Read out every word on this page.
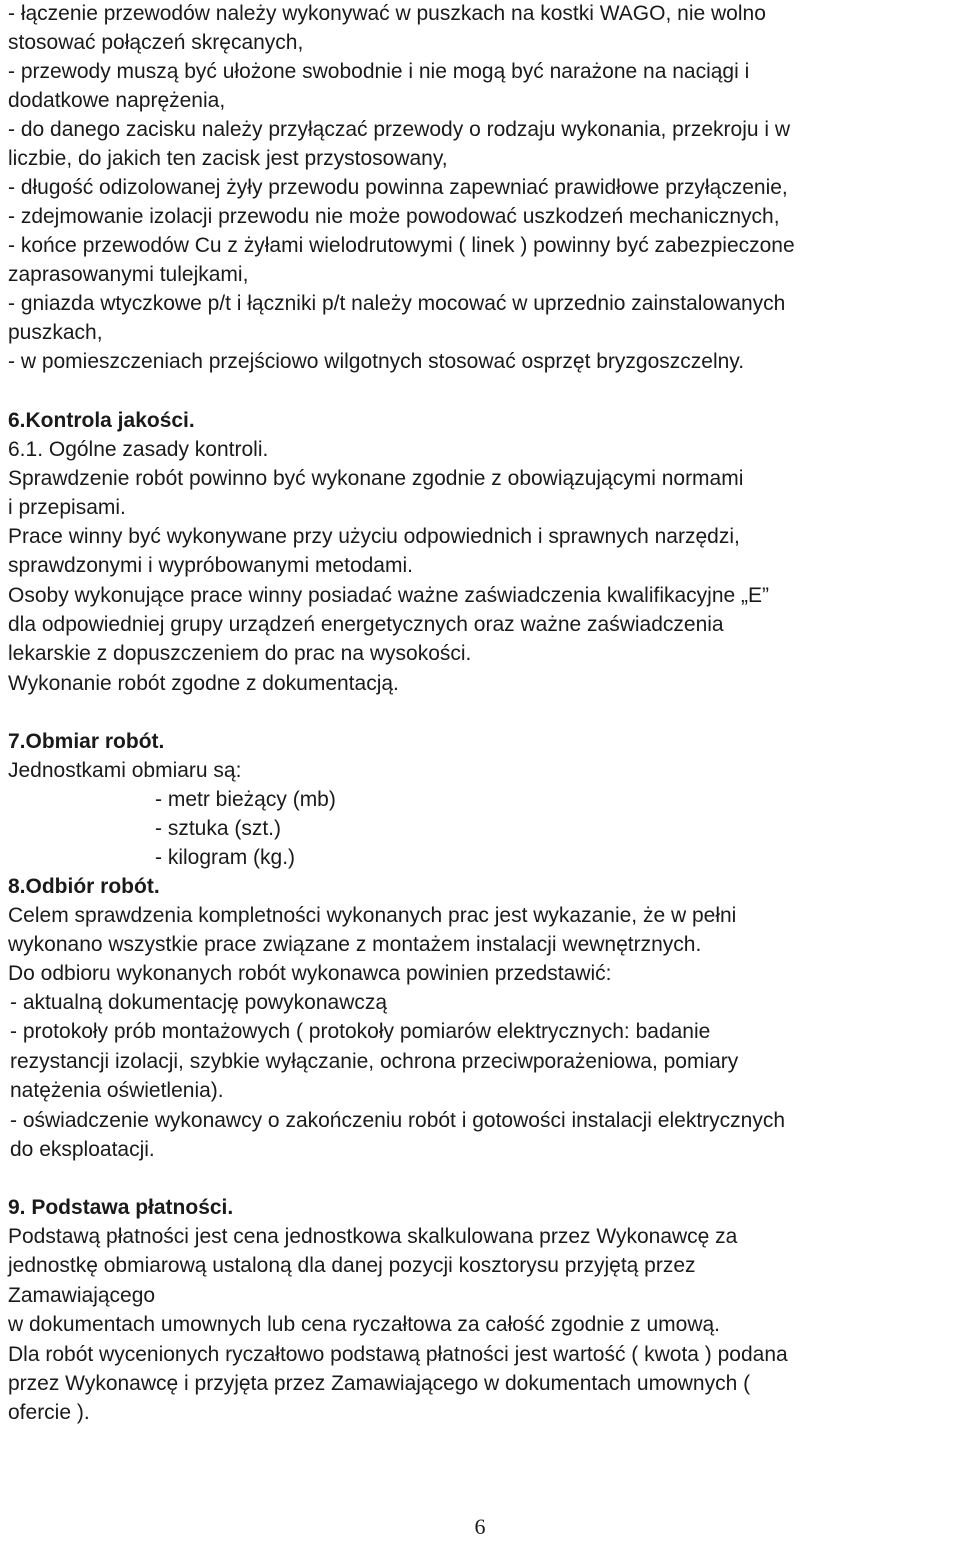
- łączenie przewodów należy wykonywać w puszkach na kostki WAGO, nie wolno
stosować połączeń skręcanych,
- przewody muszą być ułożone swobodnie i nie mogą być narażone na naciągi i
dodatkowe naprężenia,
- do danego zacisku należy przyłączać przewody o rodzaju wykonania, przekroju i w
liczbie, do jakich ten zacisk jest przystosowany,
- długość odizolowanej żyły przewodu powinna zapewniać prawidłowe przyłączenie,
- zdejmowanie izolacji przewodu nie może powodować uszkodzeń mechanicznych,
- końce przewodów Cu z żyłami wielodrutowymi ( linek ) powinny być zabezpieczone
zaprasowanymi tulejkami,
- gniazda wtyczkowe p/t i łączniki p/t należy mocować w uprzednio zainstalowanych
puszkach,
- w pomieszczeniach przejściowo wilgotnych stosować osprzęt bryzgoszczelny.
6.Kontrola jakości.
6.1. Ogólne zasady kontroli.
Sprawdzenie robót powinno być wykonane zgodnie z obowiązującymi normami
i przepisami.
Prace winny być wykonywane przy użyciu odpowiednich i sprawnych narzędzi,
sprawdzonymi i wypróbowanymi metodami.
Osoby wykonujące prace winny posiadać ważne zaświadczenia kwalifikacyjne „E”
dla odpowiedniej grupy urządzeń energetycznych oraz ważne zaświadczenia
lekarskie z dopuszczeniem do prac na wysokości.
Wykonanie robót zgodne z dokumentacją.
7.Obmiar robót.
Jednostkami obmiaru są:
- metr bieżący (mb)
- sztuka (szt.)
- kilogram (kg.)
8.Odbiór robót.
Celem sprawdzenia kompletności wykonanych prac jest wykazanie, że w pełni
wykonano wszystkie prace związane z montażem instalacji wewnętrznych.
Do odbioru wykonanych robót wykonawca powinien przedstawić:
- aktualną dokumentację powykonawczą
- protokoły prób montażowych ( protokoły pomiarów elektrycznych: badanie
rezystancji izolacji, szybkie wyłączanie, ochrona przeciwporażeniowa, pomiary
natężenia oświetlenia).
- oświadczenie wykonawcy o zakończeniu robót i gotowości instalacji elektrycznych
do eksploatacji.
9. Podstawa płatności.
Podstawą płatności jest cena jednostkowa skalkulowana przez Wykonawcę za
jednostkę obmiarową ustaloną dla danej pozycji kosztorysu przyjętą przez
Zamawiającego
w dokumentach umownych lub cena ryczałtowa za całość zgodnie z umową.
Dla robót wycenionych ryczałtowo podstawą płatności jest wartość ( kwota ) podana
przez Wykonawcę i przyjęta przez Zamawiającego w dokumentach umownych (
ofercie ).
6
